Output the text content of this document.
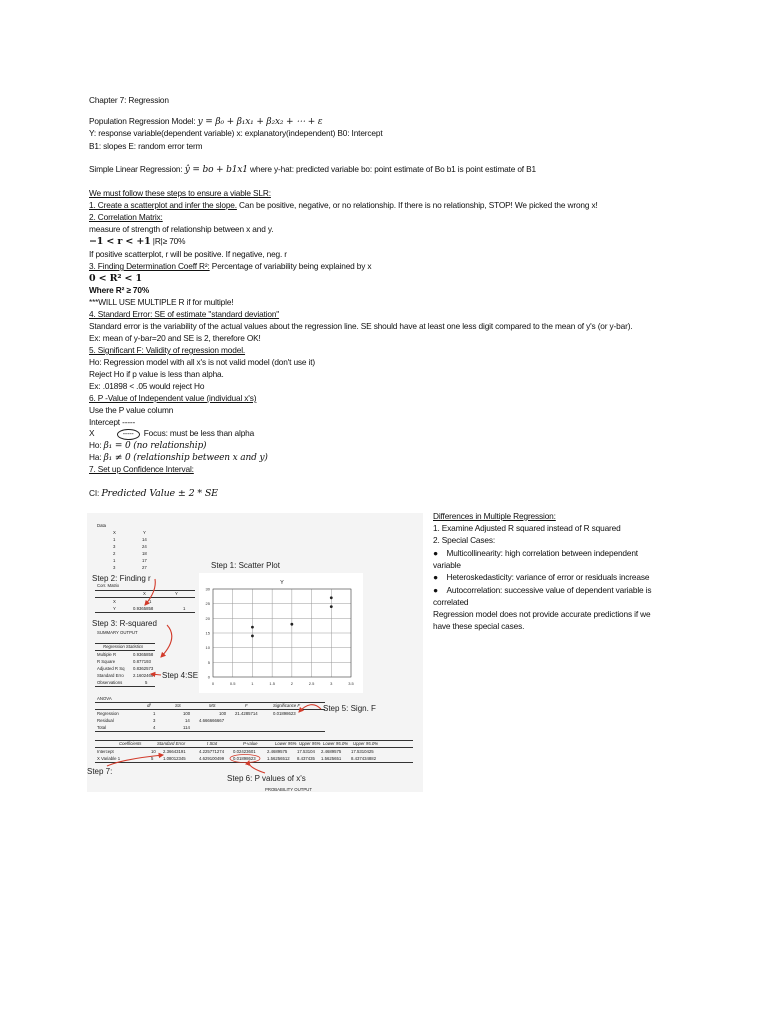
Chapter 7: Regression
Population Regression Model: y = β₀ + β₁x₁ + β₂x₂ + ⋯ + ε
Y: response variable(dependent variable) x: explanatory(independent) B0: Intercept
B1: slopes E: random error term
Simple Linear Regression: ŷ = bo + b1x1 where y-hat: predicted variable bo: point estimate of Bo b1 is point estimate of B1
We must follow these steps to ensure a viable SLR:
1. Create a scatterplot and infer the slope. Can be positive, negative, or no relationship. If there is no relationship, STOP! We picked the wrong x!
2. Correlation Matrix:
measure of strength of relationship between x and y.
−1 < r < +1 |R|≥ 70%
If positive scatterplot, r will be positive. If negative, neg. r
3. Finding Determination Coeff R²: Percentage of variability being explained by x
0 < R² < 1
Where R² ≥ 70%
***WILL USE MULTIPLE R if for multiple!
4. Standard Error: SE of estimate "standard deviation"
Standard error is the variability of the actual values about the regression line. SE should have at least one less digit compared to the mean of y's (or y-bar).
Ex: mean of y-bar=20 and SE is 2, therefore OK!
5. Significant F: Validity of regression model.
Ho: Regression model with all x's is not valid model (don't use it)
Reject Ho if p value is less than alpha.
Ex: .01898 < .05 would reject Ho
6. P -Value of Independent value (individual x's)
Use the P value column
Intercept -----
X	----- Focus: must be less than alpha
Ho: β₁ = 0 (no relationship)
Ha: β₁ ≠ 0 (relationship between x and y)
7. Set up Confidence Interval:
CI: Predicted Value ± 2 * SE
Differences in Multiple Regression:
1. Examine Adjusted R squared instead of R squared
2. Special Cases:
● Multicollinearity: high correlation between independent
variable
● Heteroskedasticity: variance of error or residuals increase
● Autocorrelation: successive value of dependent variable is
correlated
Regression model does not provide accurate predictions if we
have these special cases.
Data
X	Y
1	14
3	24
2	18
1	17
3	27
Corr. Matrix
X	Y
X	1
Y	0.9365858	1
SUMMARY OUTPUT
Regression Statistics
Multiple R	0.9365858
R Square	0.877193
Adjusted R Sq 0.8362573
Standard Erro 2.1602469
Observations	5
ANOVA
df	SS	MS	F	Significance F
Regression	1	100	100 21.4285714	0.01898623
Residual	3	14 4.666666667
Total	4	114
Coefficients	Standard Error	t Stat	P-value	Lower 95% Upper 95% Lower 95.0% Upper 95.0%
Intercept	10 2.36643191	4.225771274 0.02423601	2.4689575 17.53104 2.4689575 17.5310425
X Variable 1	5 1.08012345	4.629100499 0.01898623	1.56256512 8.437435 1.5625651 8.437434882
PROBABILITY OUTPUT
Y
0
5
10
15
20
25
30
0	0.5	1	1.5	2	2.5	3	3.5
Step 1: Scatter Plot
Step 2: Finding r
Step 3: R-squared
Step 4:SE
Step 5: Sign. F
Step 6: P values of x's
Step 7:
